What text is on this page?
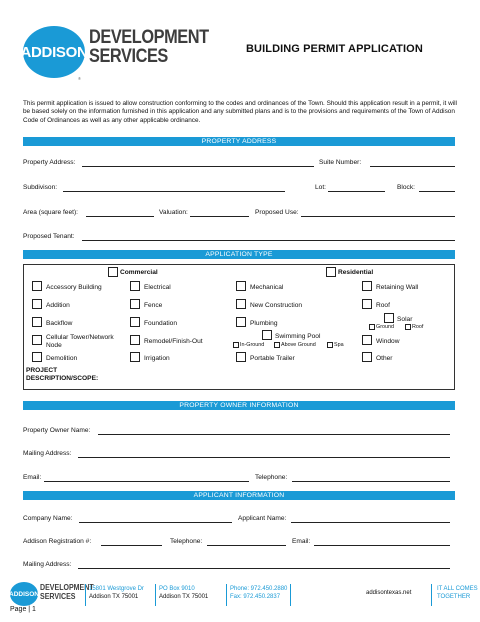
ADDISON
DEVELOPMENT
SERVICES
®
BUILDING PERMIT APPLICATION
This permit application is issued to allow construction conforming to the codes and ordinances of the Town. Should this application result in a permit, it will be based solely on the information furnished in this application and any submitted plans and is to the provisions and requirements of the Town of Addison Code of Ordinances as well as any other applicable ordinance.
PROPERTY ADDRESS
Property Address:	Suite Number:
Subdivison:	Lot:	Block:
Area (square feet):	Valuation:	Proposed Use:
Proposed Tenant:
APPLICATION TYPE
Commercial	Residential
Accessory Building
Addition
Backflow
Cellular Tower/Network Node
Demolition
Electrical
Fence
Foundation
Remodel/Finish-Out
Irrigation
Mechanical
New Construction
Plumbing
Swimming Pool
In-Ground	Above Ground	Spa
Portable Trailer
Retaining Wall
Roof
Solar
Ground	Roof
Window
Other
PROJECT DESCRIPTION/SCOPE:
PROPERTY OWNER INFORMATION
Property Owner Name:
Mailing Address:
Email:	Telephone:
APPLICANT INFORMATION
Company Name:	Applicant Name:
Addison Registration #:	Telephone:	Email:
Mailing Address:
ADDISON
DEVELOPMENT
SERVICES
15801 Westgrove Dr
Addison TX 75001
PO Box 9010
Addison TX 75001
Phone: 972.450.2880
Fax: 972.450.2837
addisontexas.net
IT ALL COMES
TOGETHER
Page | 1
